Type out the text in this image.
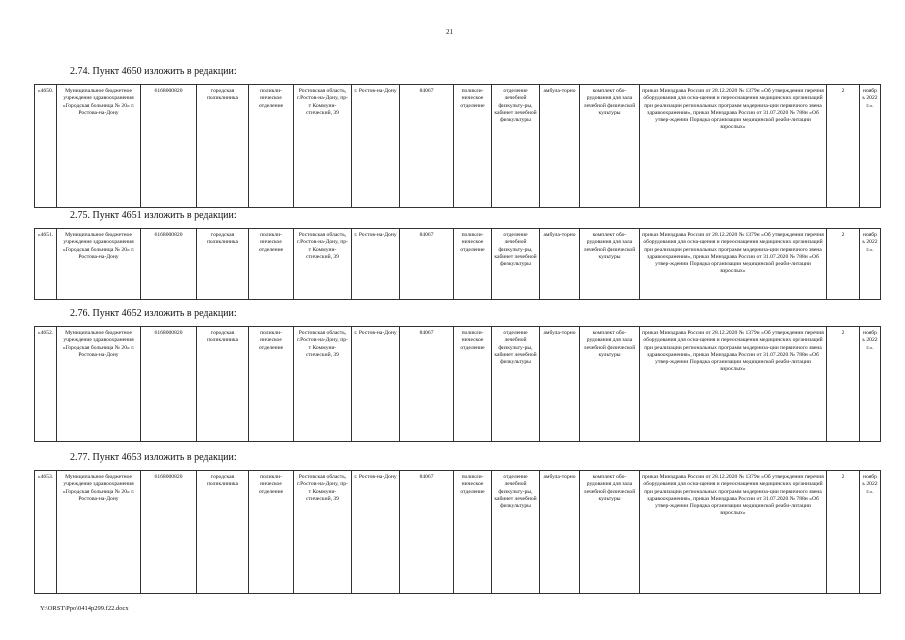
21
2.74. Пункт 4650 изложить в редакции:
«4650.	Муниципальное бюджетное учреждение здравоохранения «Городская больница № 20» г. Ростова-на-Дону	6168000820	городская поликлиника	поликли-ническое отделение	Ростовская область, г.Ростов-на-Дону, пр-т Коммуни-стический, 39	г. Ростов-на-Дону	84067	поликли-ническое отделение	отделение лечебной физкульту-ры, кабинет лечебной физкультуры	амбула-торно	комплект обо-рудования для зала лечебной физической культуры	приказ Минздрава России от 28.12.2020 № 1379н «Об утверждении перечня оборудования для осна-щения и переоснащения медицинских организаций при реализации региональных программ модерниза-ции первичного звена здравоохранения», приказ Минздрава России от 31.07.2020 № 788н «Об утвер-ждении Порядка организации медицинской реаби-литации взрослых»	2	ноябрь 2022 г.».
2.75. Пункт 4651 изложить в редакции:
«4651.	Муниципальное бюджетное учреждение здравоохранения «Городская больница № 20» г. Ростова-на-Дону	6168000820	городская поликлиника	поликли-ническое отделение	Ростовская область, г.Ростов-на-Дону, пр-т Коммуни-стический, 39	г. Ростов-на-Дону	84067	поликли-ническое отделение	отделение лечебной физкульту-ры, кабинет лечебной физкультуры	амбула-торно	комплект обо-рудования для зала лечебной физической культуры	приказ Минздрава России от 28.12.2020 № 1379н «Об утверждении перечня оборудования для осна-щения и переоснащения медицинских организаций при реализации региональных программ модерниза-ции первичного звена здравоохранения», приказ Минздрава России от 31.07.2020 № 788н «Об утвер-ждении Порядка организации медицинской реаби-литации взрослых»	2	ноябрь 2022 г.».
2.76. Пункт 4652 изложить в редакции:
«4652.	Муниципальное бюджетное учреждение здравоохранения «Городская больница № 20» г. Ростова-на-Дону	6168000820	городская поликлиника	поликли-ническое отделение	Ростовская область, г.Ростов-на-Дону, пр-т Коммуни-стический, 39	г. Ростов-на-Дону	84067	поликли-ническое отделение	отделение лечебной физкульту-ры, кабинет лечебной физкультуры	амбула-торно	комплект обо-рудования для зала лечебной физической культуры	приказ Минздрава России от 28.12.2020 № 1379н «Об утверждении перечня оборудования для осна-щения и переоснащения медицинских организаций при реализации региональных программ модерниза-ции первичного звена здравоохранения», приказ Минздрава России от 31.07.2020 № 788н «Об утвер-ждении Порядка организации медицинской реаби-литации взрослых»	2	ноябрь 2022 г.».
2.77. Пункт 4653 изложить в редакции:
«4653.	Муниципальное бюджетное учреждение здравоохранения «Городская больница № 20» г. Ростова-на-Дону	6168000820	городская поликлиника	поликли-ническое отделение	Ростовская область, г.Ростов-на-Дону, пр-т Коммуни-стический, 39	г. Ростов-на-Дону	84067	поликли-ническое отделение	отделение лечебной физкульту-ры, кабинет лечебной физкультуры	амбула-торно	комплект обо-рудования для зала лечебной физической культуры	приказ Минздрава России от 28.12.2020 № 1379н «Об утверждении перечня оборудования для осна-щения и переоснащения медицинских организаций при реализации региональных программ модерниза-ции первичного звена здравоохранения», приказ Минздрава России от 31.07.2020 № 788н «Об утвер-ждении Порядка организации медицинской реаби-литации взрослых»	2	ноябрь 2022 г.».
Y:\ORST\Ppo\0414p299.f22.docx
